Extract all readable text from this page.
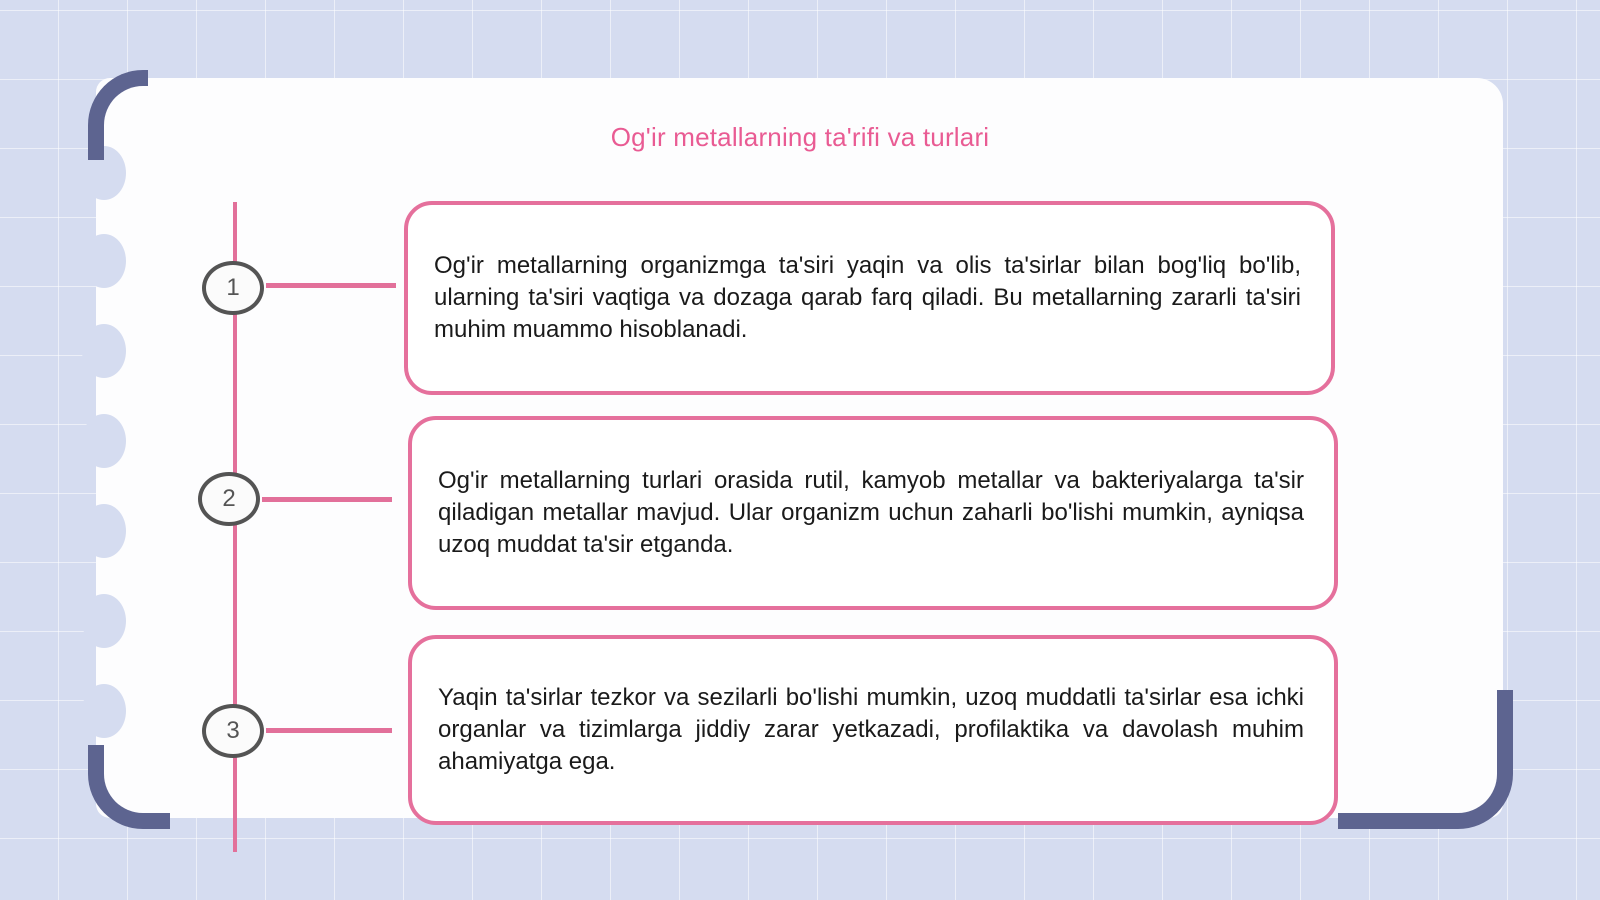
Og'ir metallarning ta'rifi va turlari
1
2
3

Og'ir metallarning organizmga ta'siri yaqin va olis ta'sirlar bilan bog'liq bo'lib, ularning ta'siri vaqtiga va dozaga qarab farq qiladi. Bu metallarning zararli ta'siri muhim muammo hisoblanadi.

Og'ir metallarning turlari orasida rutil, kamyob metallar va bakteriyalarga ta'sir qiladigan metallar mavjud. Ular organizm uchun zaharli bo'lishi mumkin, ayniqsa uzoq muddat ta'sir etganda.

Yaqin ta'sirlar tezkor va sezilarli bo'lishi mumkin, uzoq muddatli ta'sirlar esa ichki organlar va tizimlarga jiddiy zarar yetkazadi, profilaktika va davolash muhim ahamiyatga ega.
